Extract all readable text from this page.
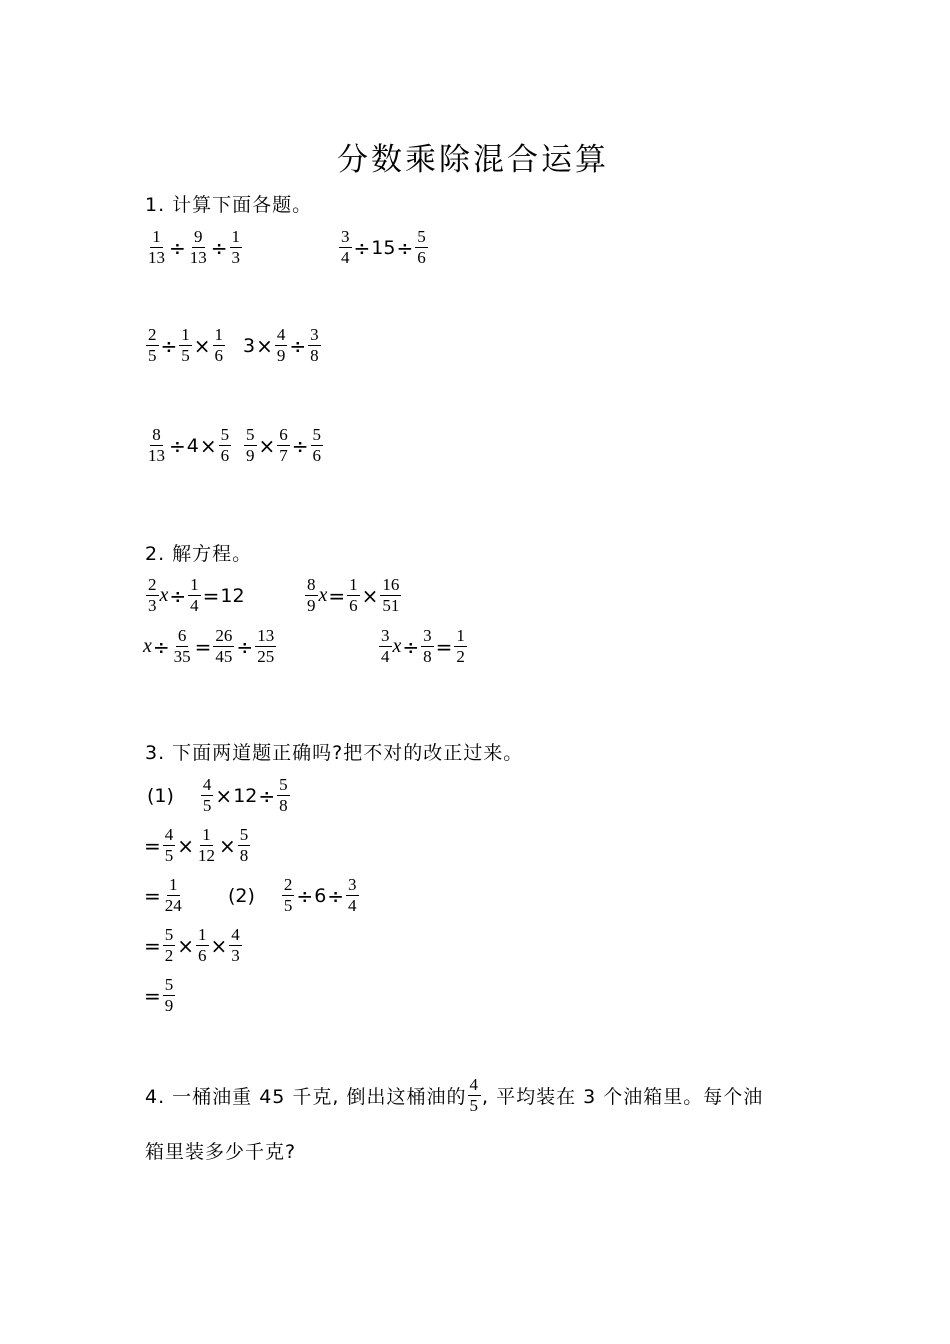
分数乘除混合运算
1. 计算下面各题。
$\frac{1}{13} \div \frac{9}{13} \div \frac{1}{3}$	$\frac{3}{4} \div 15 \div \frac{5}{6}$
$\frac{2}{5} \div \frac{1}{5} \times \frac{1}{6} 3 \times \frac{4}{9} \div \frac{3}{8}$
$\frac{8}{13} \div 4 \times \frac{5}{6} \frac{5}{9} \times \frac{6}{7} \div \frac{5}{6}$
2. 解方程。
$\frac{2}{3}$ $x \div \frac{1}{4} = 12$	$\frac{8}{9}$ $x = \frac{1}{6} \times \frac{16}{51}$
$x \div \frac{6}{35} = \frac{26}{45} \div \frac{13}{25}$	$\frac{3}{4}$ $x \div \frac{3}{8} = \frac{1}{2}$
3. 下面两道题正确吗?把不对的改正过来。
$(1) \frac{4}{5} \times 12 \div \frac{5}{8}$
= $\frac{4}{5} \times \frac{1}{12} \times \frac{5}{8}$
= $\frac{1}{24} (2) \frac{2}{5} \div 6 \div \frac{3}{4}$
= $\frac{5}{2} \times \frac{1}{6} \times \frac{4}{3}$
= $\frac{5}{9}$
4. 一桶油重 45 千克, 倒出这桶油的 $\frac{4}{5}$ , 平均装在 3 个油箱里。每个油
箱里装多少千克?
